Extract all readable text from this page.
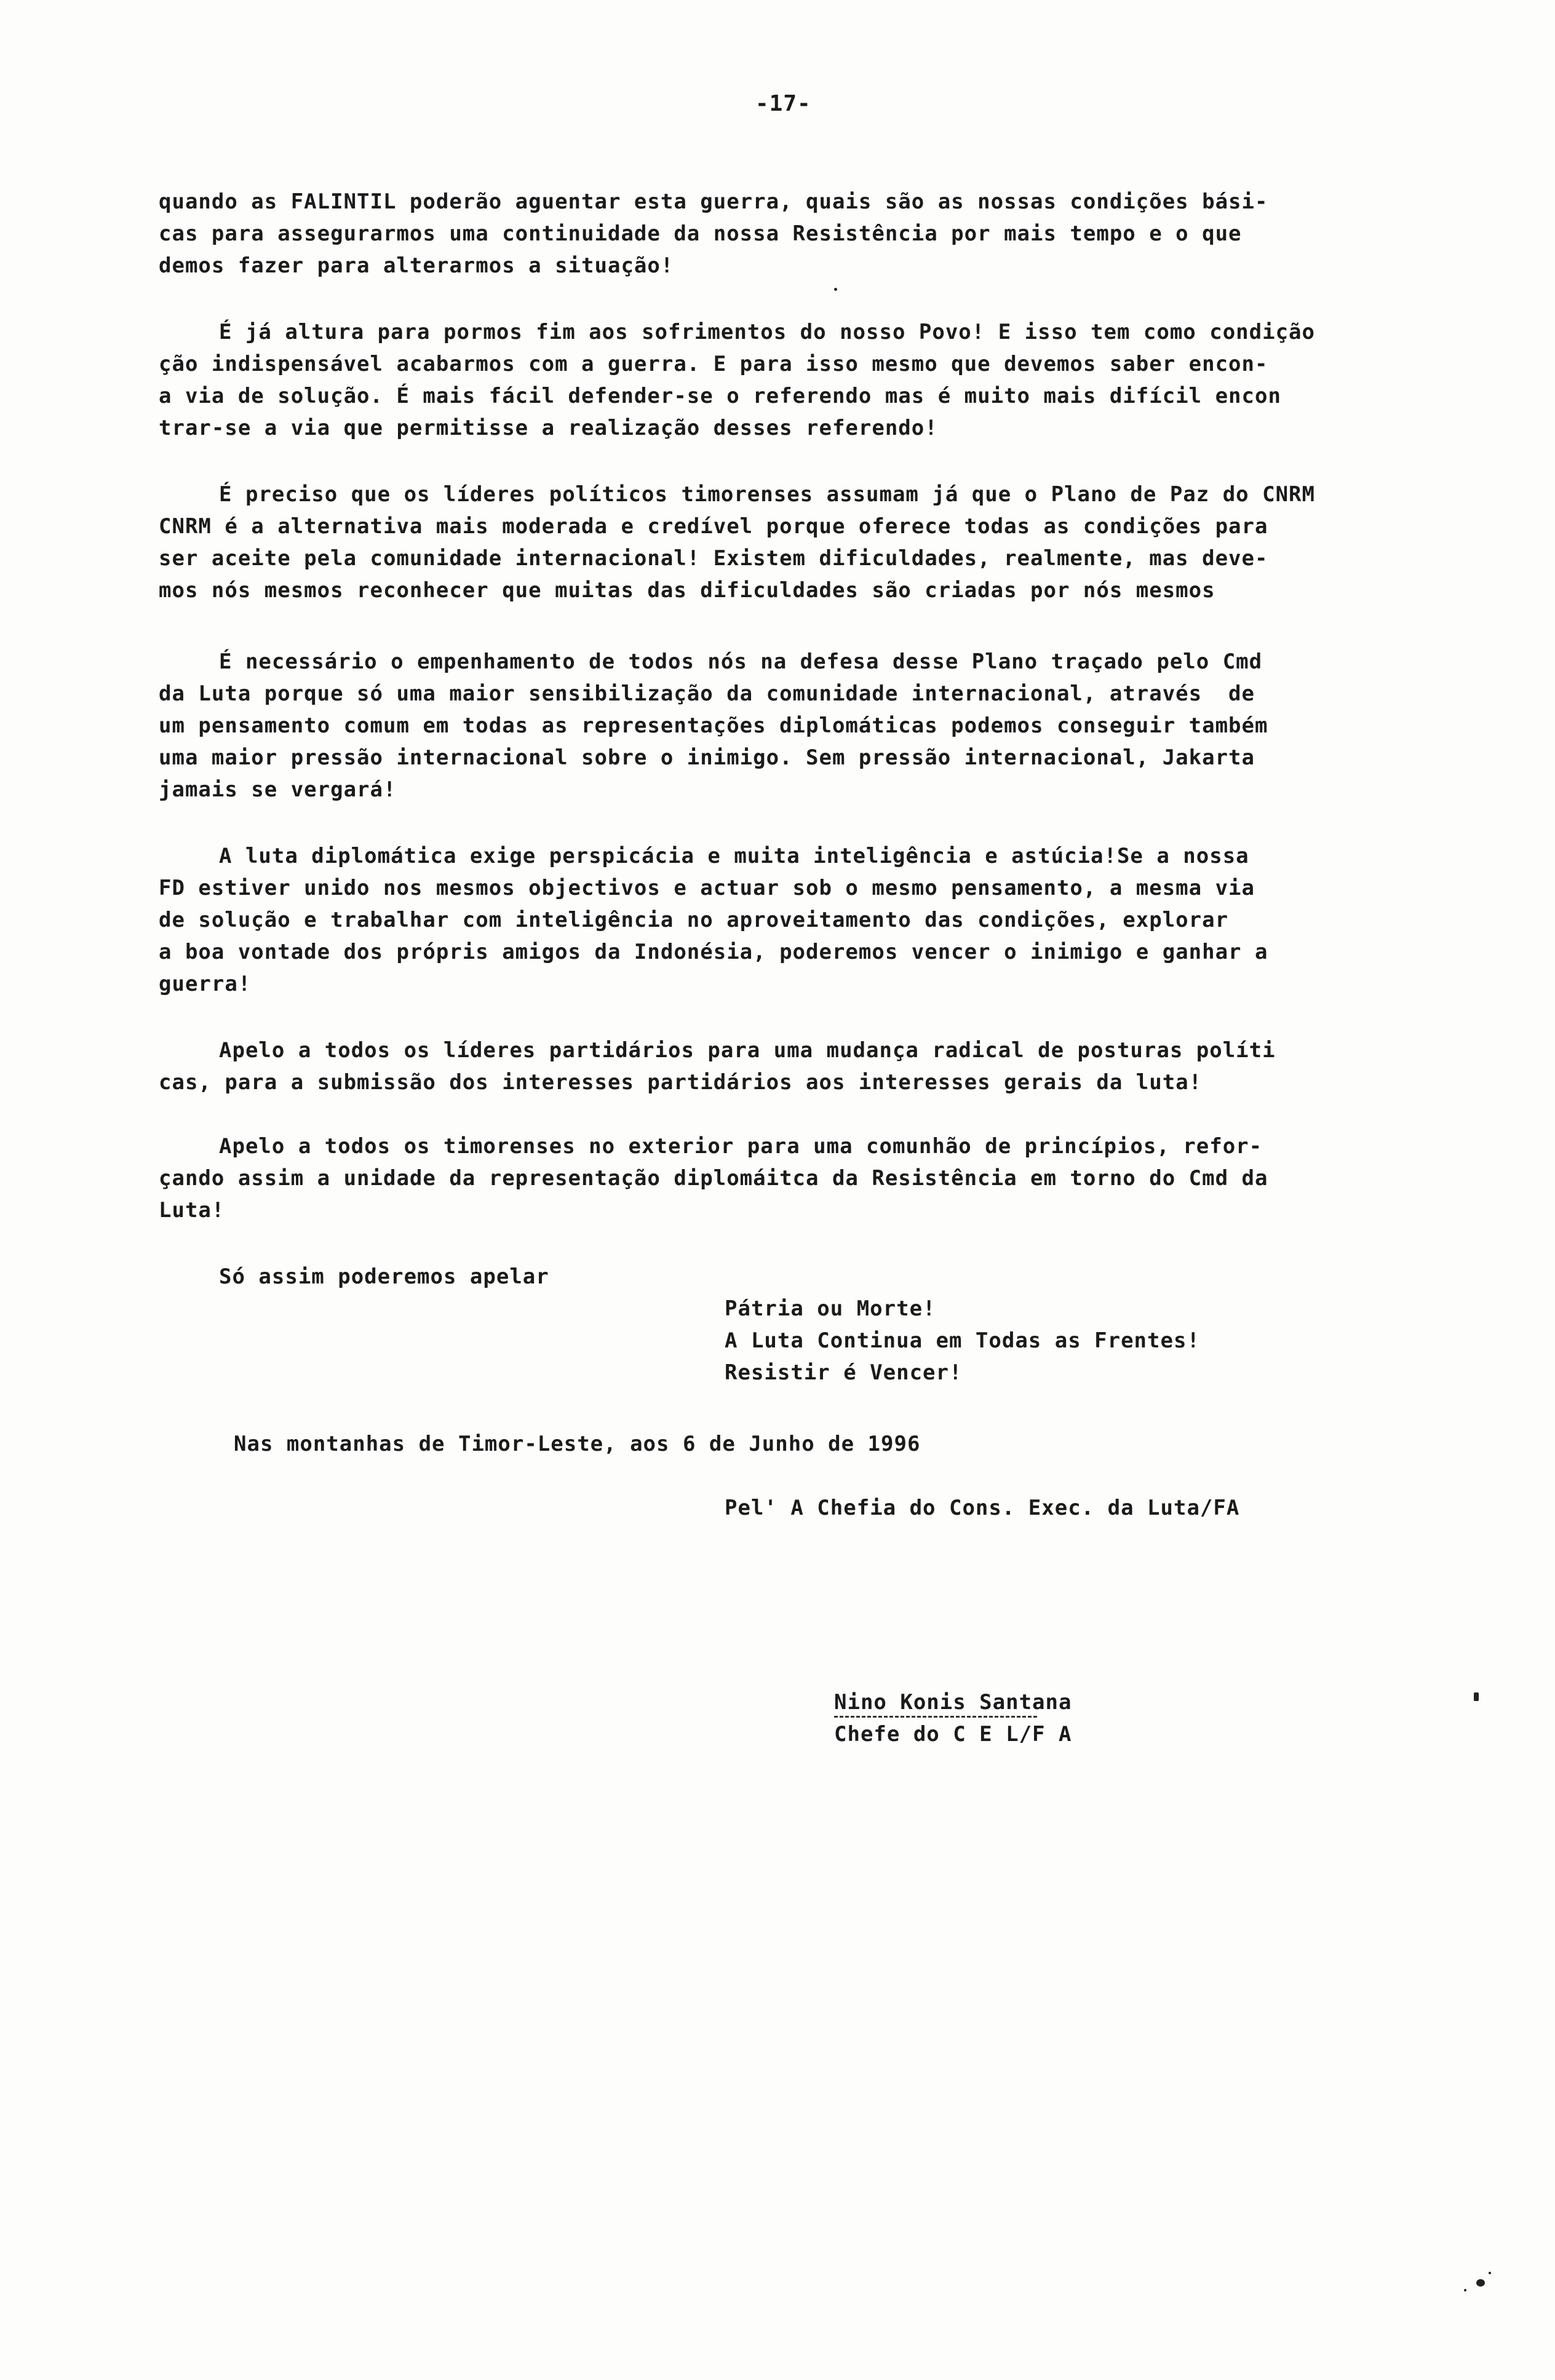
-17-
quando as FALINTIL poderão aguentar esta guerra, quais são as nossas condições bási-
cas para assegurarmos uma continuidade da nossa Resistência por mais tempo e o que
demos fazer para alterarmos a situação!
É já altura para pormos fim aos sofrimentos do nosso Povo! E isso tem como condição
ção indispensável acabarmos com a guerra. E para isso mesmo que devemos saber encon-
a via de solução. É mais fácil defender-se o referendo mas é muito mais difícil encon
trar-se a via que permitisse a realização desses referendo!
É preciso que os líderes políticos timorenses assumam já que o Plano de Paz do CNRM
CNRM é a alternativa mais moderada e credível porque oferece todas as condições para
ser aceite pela comunidade internacional! Existem dificuldades, realmente, mas deve-
mos nós mesmos reconhecer que muitas das dificuldades são criadas por nós mesmos
É necessário o empenhamento de todos nós na defesa desse Plano traçado pelo Cmd
da Luta porque só uma maior sensibilização da comunidade internacional, através  de
um pensamento comum em todas as representações diplomáticas podemos conseguir também
uma maior pressão internacional sobre o inimigo. Sem pressão internacional, Jakarta
jamais se vergará!
A luta diplomática exige perspicácia e muita inteligência e astúcia!Se a nossa
FD estiver unido nos mesmos objectivos e actuar sob o mesmo pensamento, a mesma via
de solução e trabalhar com inteligência no aproveitamento das condições, explorar
a boa vontade dos própris amigos da Indonésia, poderemos vencer o inimigo e ganhar a
guerra!
Apelo a todos os líderes partidários para uma mudança radical de posturas políti
cas, para a submissão dos interesses partidários aos interesses gerais da luta!
Apelo a todos os timorenses no exterior para uma comunhão de princípios, refor-
çando assim a unidade da representação diplomáitca da Resistência em torno do Cmd da
Luta!
Só assim poderemos apelar
Pátria ou Morte!
A Luta Continua em Todas as Frentes!
Resistir é Vencer!
Nas montanhas de Timor-Leste, aos 6 de Junho de 1996
Pel' A Chefia do Cons. Exec. da Luta/FA
Nino Konis Santana
Chefe do C E L/F A
